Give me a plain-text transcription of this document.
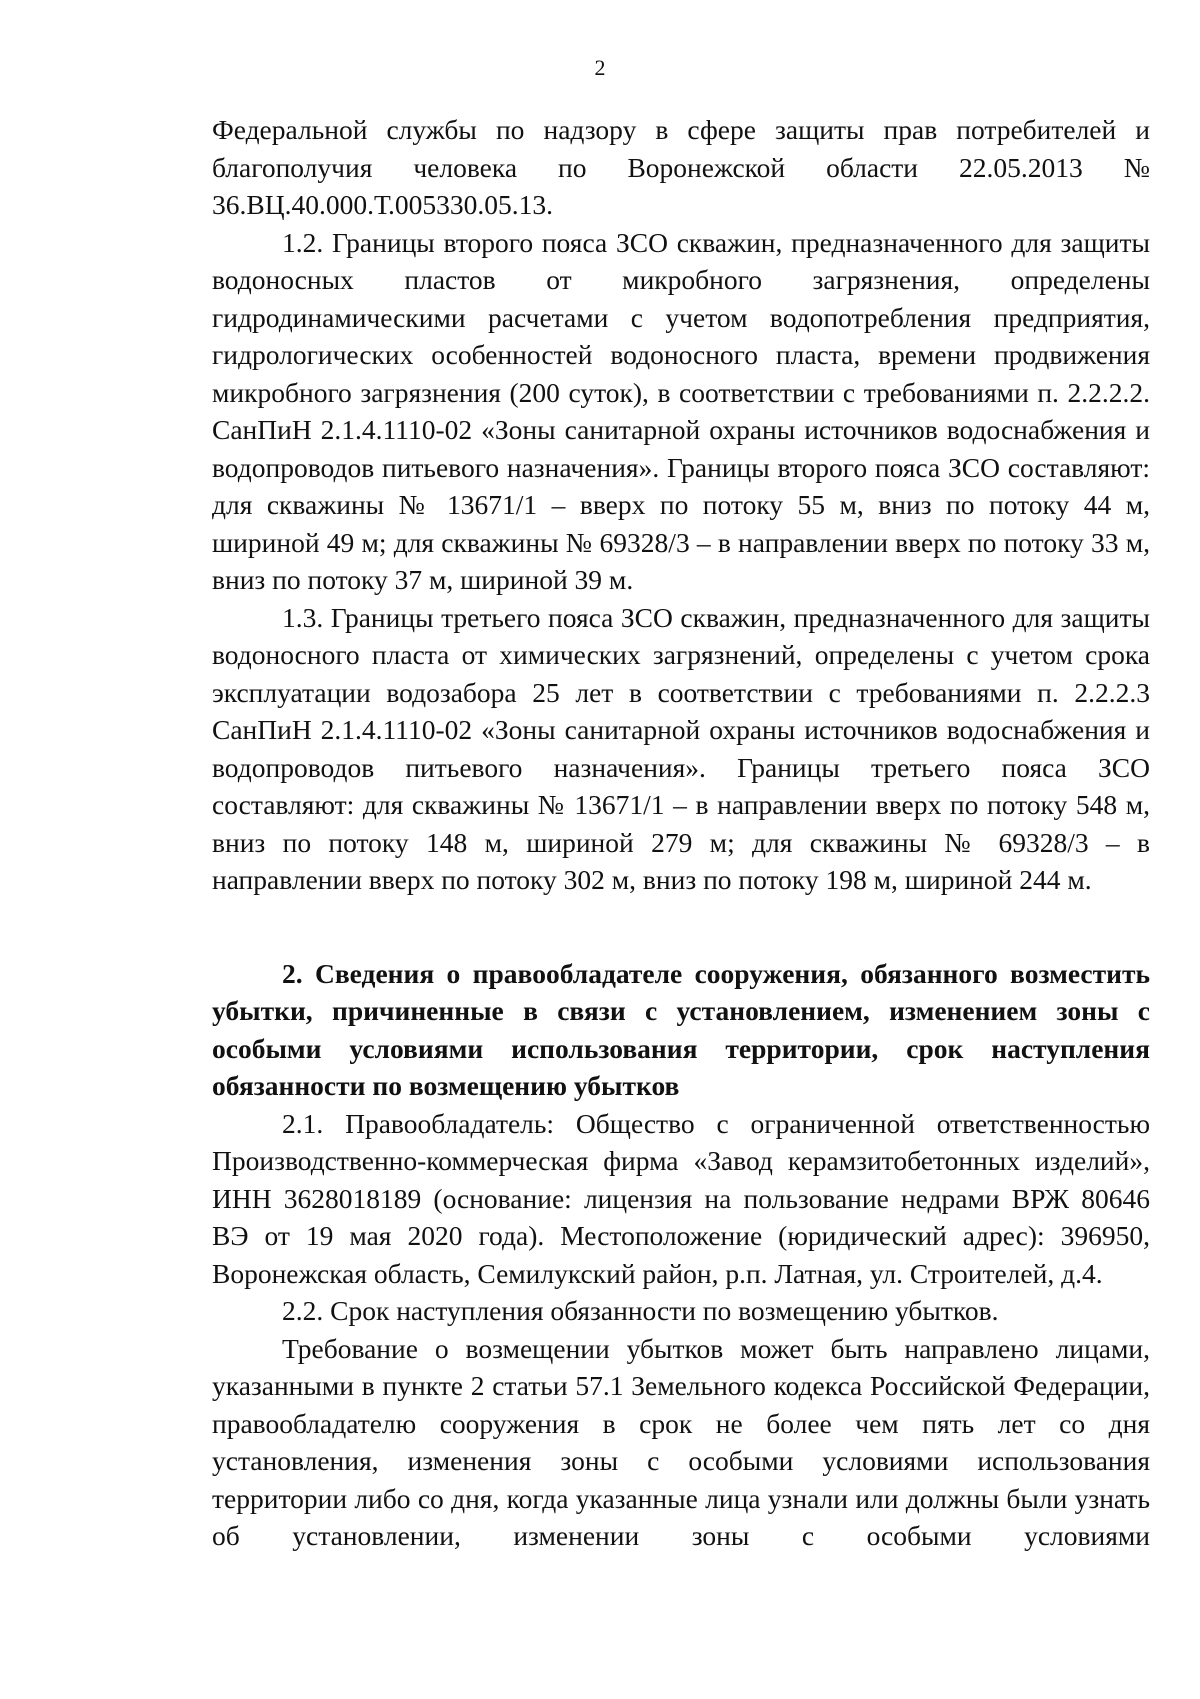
2

Федеральной службы по надзору в сфере защиты прав потребителей и благополучия человека по Воронежской области 22.05.2013 № 36.ВЦ.40.000.Т.005330.05.13.

1.2. Границы второго пояса ЗСО скважин, предназначенного для защиты водоносных пластов от микробного загрязнения, определены гидродинамическими расчетами с учетом водопотребления предприятия, гидрологических особенностей водоносного пласта, времени продвижения микробного загрязнения (200 суток), в соответствии с требованиями п. 2.2.2.2. СанПиН 2.1.4.1110-02 «Зоны санитарной охраны источников водоснабжения и водопроводов питьевого назначения». Границы второго пояса ЗСО составляют: для скважины № 13671/1 – вверх по потоку 55 м, вниз по потоку 44 м, шириной 49 м; для скважины № 69328/3 – в направлении вверх по потоку 33 м, вниз по потоку 37 м, шириной 39 м.

1.3. Границы третьего пояса ЗСО скважин, предназначенного для защиты водоносного пласта от химических загрязнений, определены с учетом срока эксплуатации водозабора 25 лет в соответствии с требованиями п. 2.2.2.3 СанПиН 2.1.4.1110-02 «Зоны санитарной охраны источников водоснабжения и водопроводов питьевого назначения». Границы третьего пояса ЗСО составляют: для скважины № 13671/1 – в направлении вверх по потоку 548 м, вниз по потоку 148 м, шириной 279 м; для скважины № 69328/3 – в направлении вверх по потоку 302 м, вниз по потоку 198 м, шириной 244 м.

2. Сведения о правообладателе сооружения, обязанного возместить убытки, причиненные в связи с установлением, изменением зоны с особыми условиями использования территории, срок наступления обязанности по возмещению убытков

2.1. Правообладатель: Общество с ограниченной ответственностью Производственно-коммерческая фирма «Завод керамзитобетонных изделий», ИНН 3628018189 (основание: лицензия на пользование недрами ВРЖ 80646 ВЭ от 19 мая 2020 года). Местоположение (юридический адрес): 396950, Воронежская область, Семилукский район, р.п. Латная, ул. Строителей, д.4.

2.2. Срок наступления обязанности по возмещению убытков.

Требование о возмещении убытков может быть направлено лицами, указанными в пункте 2 статьи 57.1 Земельного кодекса Российской Федерации, правообладателю сооружения в срок не более чем пять лет со дня установления, изменения зоны с особыми условиями использования территории либо со дня, когда указанные лица узнали или должны были узнать об установлении, изменении зоны с особыми условиями
